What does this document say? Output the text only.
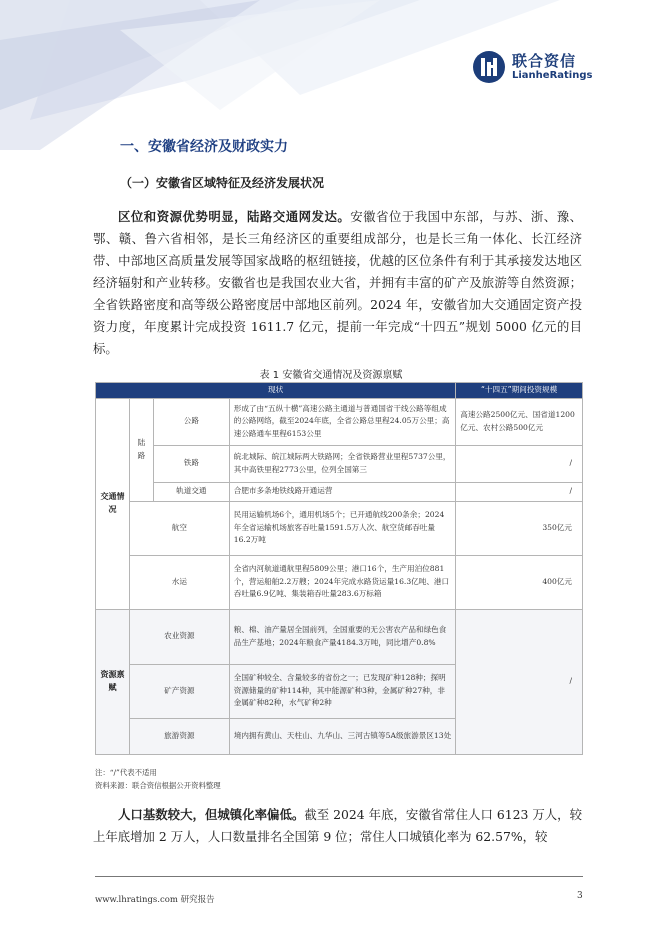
联合资信
LianheRatings
一、安徽省经济及财政实力
（一）安徽省区域特征及经济发展状况

区位和资源优势明显，陆路交通网发达。安徽省位于我国中东部，与苏、浙、豫、鄂、赣、鲁六省相邻，是长三角经济区的重要组成部分，也是长三角一体化、长江经济带、中部地区高质量发展等国家战略的枢纽链接，优越的区位条件有利于其承接发达地区经济辐射和产业转移。安徽省也是我国农业大省，并拥有丰富的矿产及旅游等自然资源；全省铁路密度和高等级公路密度居中部地区前列。2024 年，安徽省加大交通固定资产投资力度，年度累计完成投资 1611.7 亿元，提前一年完成“十四五”规划 5000 亿元的目标。

表 1 安徽省交通情况及资源禀赋
现状				“十四五”期间投资规模
交通情况	陆路	公路	形成了由“五纵十横”高速公路主通道与普通国省干线公路等组成的公路网络，截至2024年底，全省公路总里程24.05万公里；高速公路通车里程6153公里	高速公路2500亿元、国省道1200亿元、农村公路500亿元
		铁路	皖北城际、皖江城际两大铁路网；全省铁路营业里程5737公里，其中高铁里程2773公里，位列全国第三	/
		轨道交通	合肥市多条地铁线路开通运营	/
	航空		民用运输机场6个，通用机场5个；已开通航线200条余；2024年全省运输机场旅客吞吐量1591.5万人次、航空货邮吞吐量16.2万吨	350亿元
	水运		全省内河航道通航里程5809公里；港口16个，生产用泊位881个，营运船舶2.2万艘；2024年完成水路货运量16.3亿吨、港口吞吐量6.9亿吨、集装箱吞吐量283.6万标箱	400亿元
资源禀赋	农业资源		粮、棉、油产量居全国前列，全国重要的无公害农产品和绿色食品生产基地；2024年粮食产量4184.3万吨，同比增产0.8%	/
	矿产资源		全国矿种较全、含量较多的省份之一；已发现矿种128种；探明资源储量的矿种114种，其中能源矿种3种，金属矿种27种，非金属矿种82种，水气矿种2种	
	旅游资源		境内拥有黄山、天柱山、九华山、三河古镇等5A级旅游景区13处	
注：“/”代表不适用
资料来源：联合资信根据公开资料整理

人口基数较大，但城镇化率偏低。截至 2024 年底，安徽省常住人口 6123 万人，较上年底增加 2 万人，人口数量排名全国第 9 位；常住人口城镇化率为 62.57%，较

www.lhratings.com 研究报告	3
